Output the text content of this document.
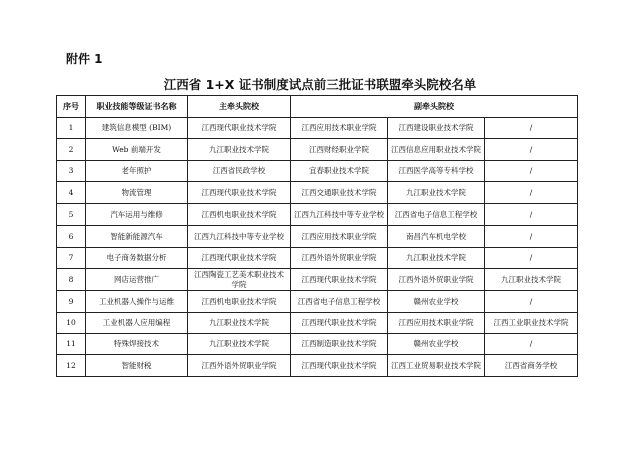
附件 1
江西省 1+X 证书制度试点前三批证书联盟牵头院校名单
序号	职业技能等级证书名称	主牵头院校	副牵头院校		
1	建筑信息模型 (BIM)	江西现代职业技术学院	江西应用技术职业学院	江西建设职业技术学院	/
2	Web 前端开发	九江职业技术学院	江西财经职业学院	江西信息应用职业技术学院	/
3	老年照护	江西省民政学校	宜春职业技术学院	江西医学高等专科学校	/
4	物流管理	江西现代职业技术学院	江西交通职业技术学院	九江职业技术学院	/
5	汽车运用与维修	江西机电职业技术学院	江西九江科技中等专业学校	江西省电子信息工程学校	/
6	智能新能源汽车	江西九江科技中等专业学校	江西应用技术职业学院	南昌汽车机电学校	/
7	电子商务数据分析	江西现代职业技术学院	江西外语外贸职业学院	九江职业技术学院	/
8	网店运营推广	江西陶瓷工艺美术职业技术学院	江西现代职业技术学院	江西外语外贸职业学院	九江职业技术学院
9	工业机器人操作与运维	江西机电职业技术学院	江西省电子信息工程学校	赣州农业学校	/
10	工业机器人应用编程	九江职业技术学院	江西现代职业技术学院	江西应用技术职业学院	江西工业职业技术学院
11	特殊焊接技术	九江职业技术学院	江西制造职业技术学院	赣州农业学校	/
12	智能财税	江西外语外贸职业学院	江西现代职业技术学院	江西工业贸易职业技术学院	江西省商务学校
